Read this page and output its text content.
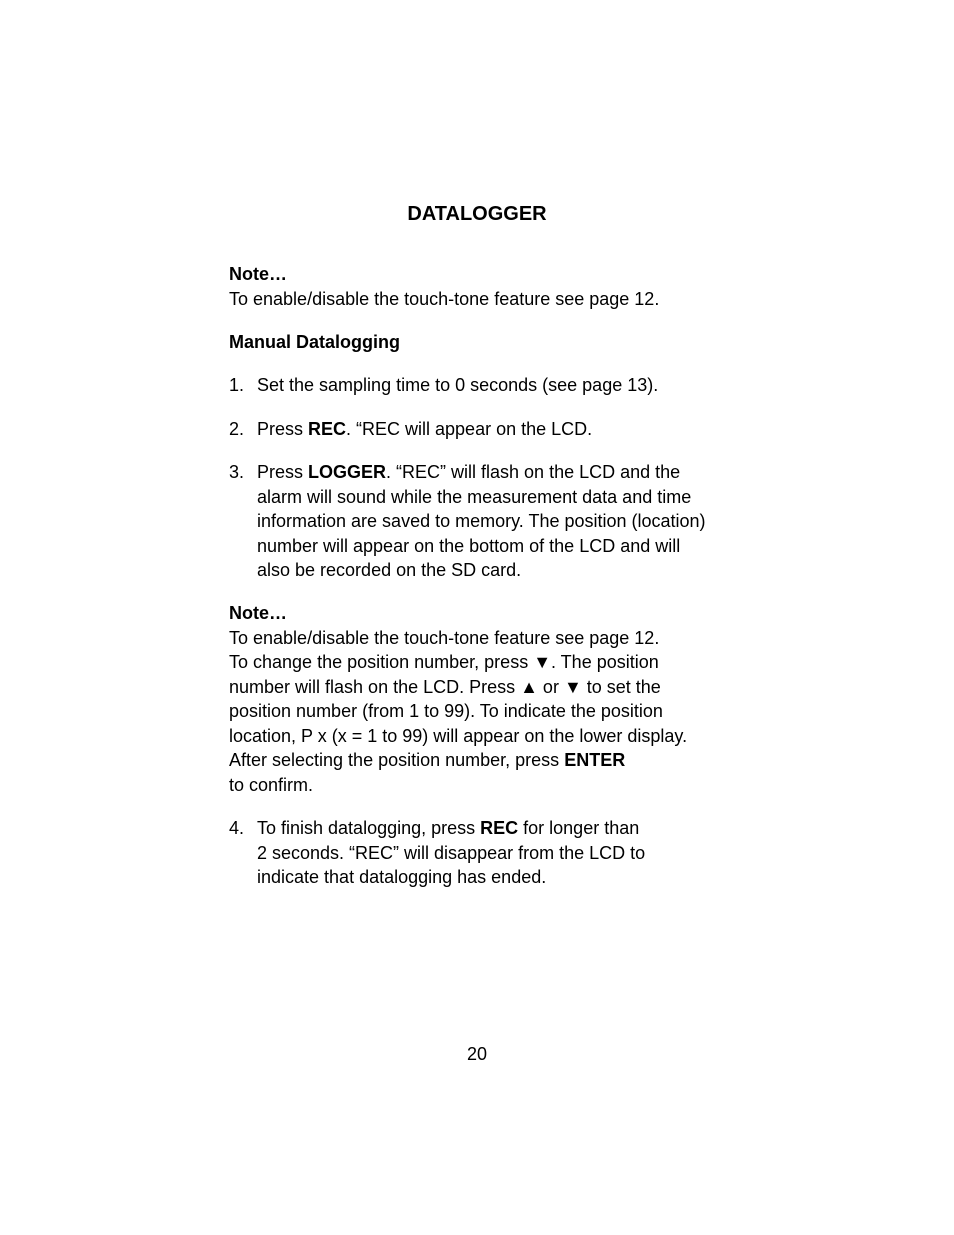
DATALOGGER
Note…
To enable/disable the touch-tone feature see page 12.
Manual Datalogging
1. Set the sampling time to 0 seconds (see page 13).
2. Press REC. “REC will appear on the LCD.
3. Press LOGGER. “REC” will flash on the LCD and the
alarm will sound while the measurement data and time
information are saved to memory. The position (location)
number will appear on the bottom of the LCD and will
also be recorded on the SD card.
Note…
To enable/disable the touch-tone feature see page 12.
To change the position number, press ▼. The position
number will flash on the LCD. Press ▲ or ▼ to set the
position number (from 1 to 99). To indicate the position
location, P x (x = 1 to 99) will appear on the lower display.
After selecting the position number, press ENTER
to confirm.
4. To finish datalogging, press REC for longer than
2 seconds. “REC” will disappear from the LCD to
indicate that datalogging has ended.
20
